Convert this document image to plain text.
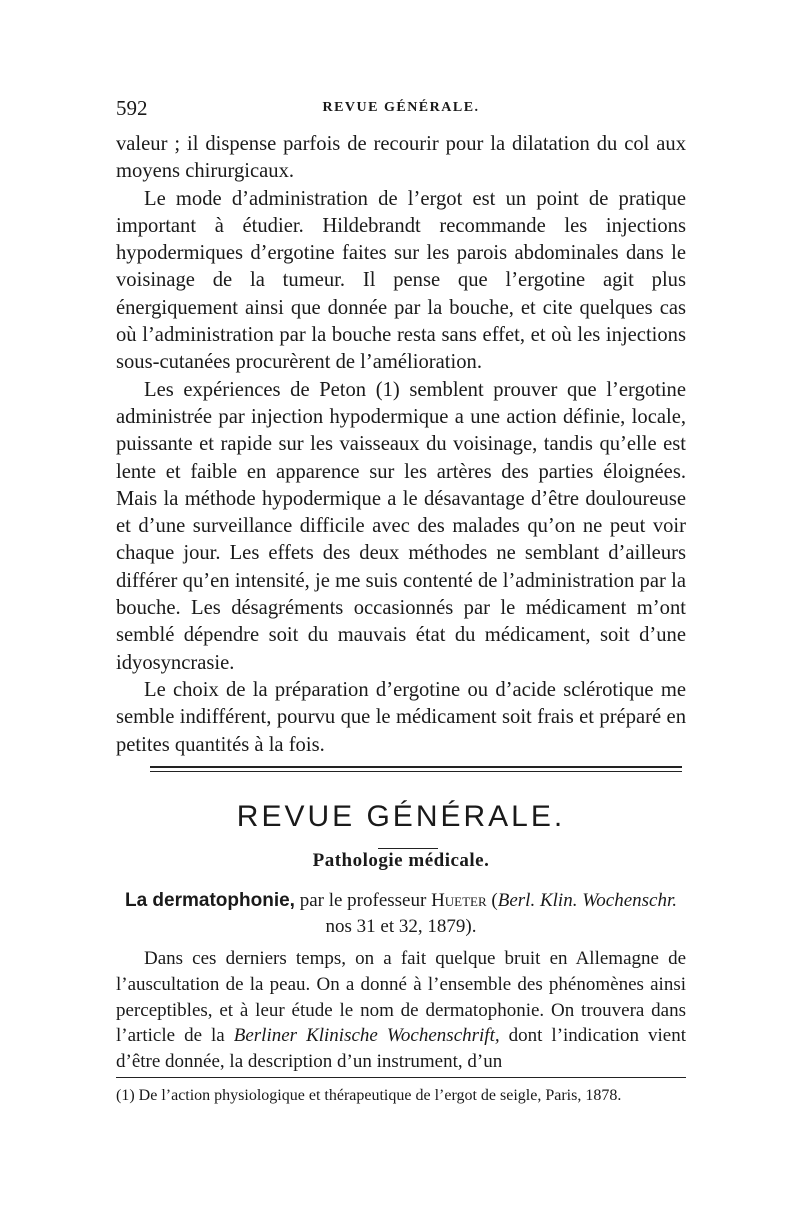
592	REVUE GÉNÉRALE.

valeur ; il dispense parfois de recourir pour la dilatation du col aux moyens chirurgicaux.

Le mode d’administration de l’ergot est un point de pratique important à étudier. Hildebrandt recommande les injections hypodermiques d’ergotine faites sur les parois abdominales dans le voisinage de la tumeur. Il pense que l’ergotine agit plus énergiquement ainsi que donnée par la bouche, et cite quelques cas où l’administration par la bouche resta sans effet, et où les injections sous-cutanées procurèrent de l’amélioration.

Les expériences de Peton (1) semblent prouver que l’ergotine administrée par injection hypodermique a une action définie, locale, puissante et rapide sur les vaisseaux du voisinage, tandis qu’elle est lente et faible en apparence sur les artères des parties éloignées. Mais la méthode hypodermique a le désavantage d’être douloureuse et d’une surveillance difficile avec des malades qu’on ne peut voir chaque jour. Les effets des deux méthodes ne semblant d’ailleurs différer qu’en intensité, je me suis contenté de l’administration par la bouche. Les désagréments occasionnés par le médicament m’ont semblé dépendre soit du mauvais état du médicament, soit d’une idyosyncrasie.

Le choix de la préparation d’ergotine ou d’acide sclérotique me semble indifférent, pourvu que le médicament soit frais et préparé en petites quantités à la fois.

REVUE GÉNÉRALE.
Pathologie médicale.
La dermatophonie, par le professeur Hueter (Berl. Klin. Wochenschr.
nos 31 et 32, 1879).

Dans ces derniers temps, on a fait quelque bruit en Allemagne de l’auscultation de la peau. On a donné à l’ensemble des phénomènes ainsi perceptibles, et à leur étude le nom de dermatophonie. On trouvera dans l’article de la Berliner Klinische Wochenschrift, dont l’indication vient d’être donnée, la description d’un instrument, d’un

(1) De l’action physiologique et thérapeutique de l’ergot de seigle, Paris, 1878.
